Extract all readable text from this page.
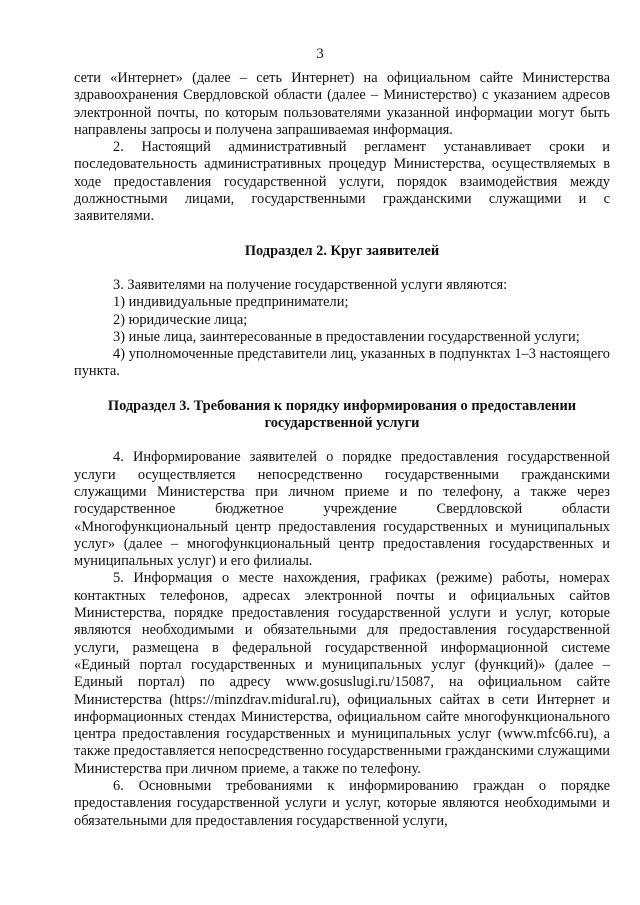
3

сети «Интернет» (далее – сеть Интернет) на официальном сайте Министерства здравоохранения Свердловской области (далее – Министерство) с указанием адресов электронной почты, по которым пользователями указанной информации могут быть направлены запросы и получена запрашиваемая информация.

2. Настоящий административный регламент устанавливает сроки и последовательность административных процедур Министерства, осуществляемых в ходе предоставления государственной услуги, порядок взаимодействия между должностными лицами, государственными гражданскими служащими и с заявителями.

Подраздел 2. Круг заявителей

3. Заявителями на получение государственной услуги являются:

1) индивидуальные предприниматели;

2) юридические лица;

3) иные лица, заинтересованные в предоставлении государственной услуги;

4) уполномоченные представители лиц, указанных в подпунктах 1–3 настоящего пункта.

Подраздел 3. Требования к порядку информирования о предоставлении государственной услуги

4. Информирование заявителей о порядке предоставления государственной услуги осуществляется непосредственно государственными гражданскими служащими Министерства при личном приеме и по телефону, а также через государственное бюджетное учреждение Свердловской области «Многофункциональный центр предоставления государственных и муниципальных услуг» (далее – многофункциональный центр предоставления государственных и муниципальных услуг) и его филиалы.

5. Информация о месте нахождения, графиках (режиме) работы, номерах контактных телефонов, адресах электронной почты и официальных сайтов Министерства, порядке предоставления государственной услуги и услуг, которые являются необходимыми и обязательными для предоставления государственной услуги, размещена в федеральной государственной информационной системе «Единый портал государственных и муниципальных услуг (функций)» (далее – Единый портал) по адресу www.gosuslugi.ru/15087, на официальном сайте Министерства (https://minzdrav.midural.ru), официальных сайтах в сети Интернет и информационных стендах Министерства, официальном сайте многофункционального центра предоставления государственных и муниципальных услуг (www.mfc66.ru), а также предоставляется непосредственно государственными гражданскими служащими Министерства при личном приеме, а также по телефону.

6. Основными требованиями к информированию граждан о порядке предоставления государственной услуги и услуг, которые являются необходимыми и обязательными для предоставления государственной услуги,
